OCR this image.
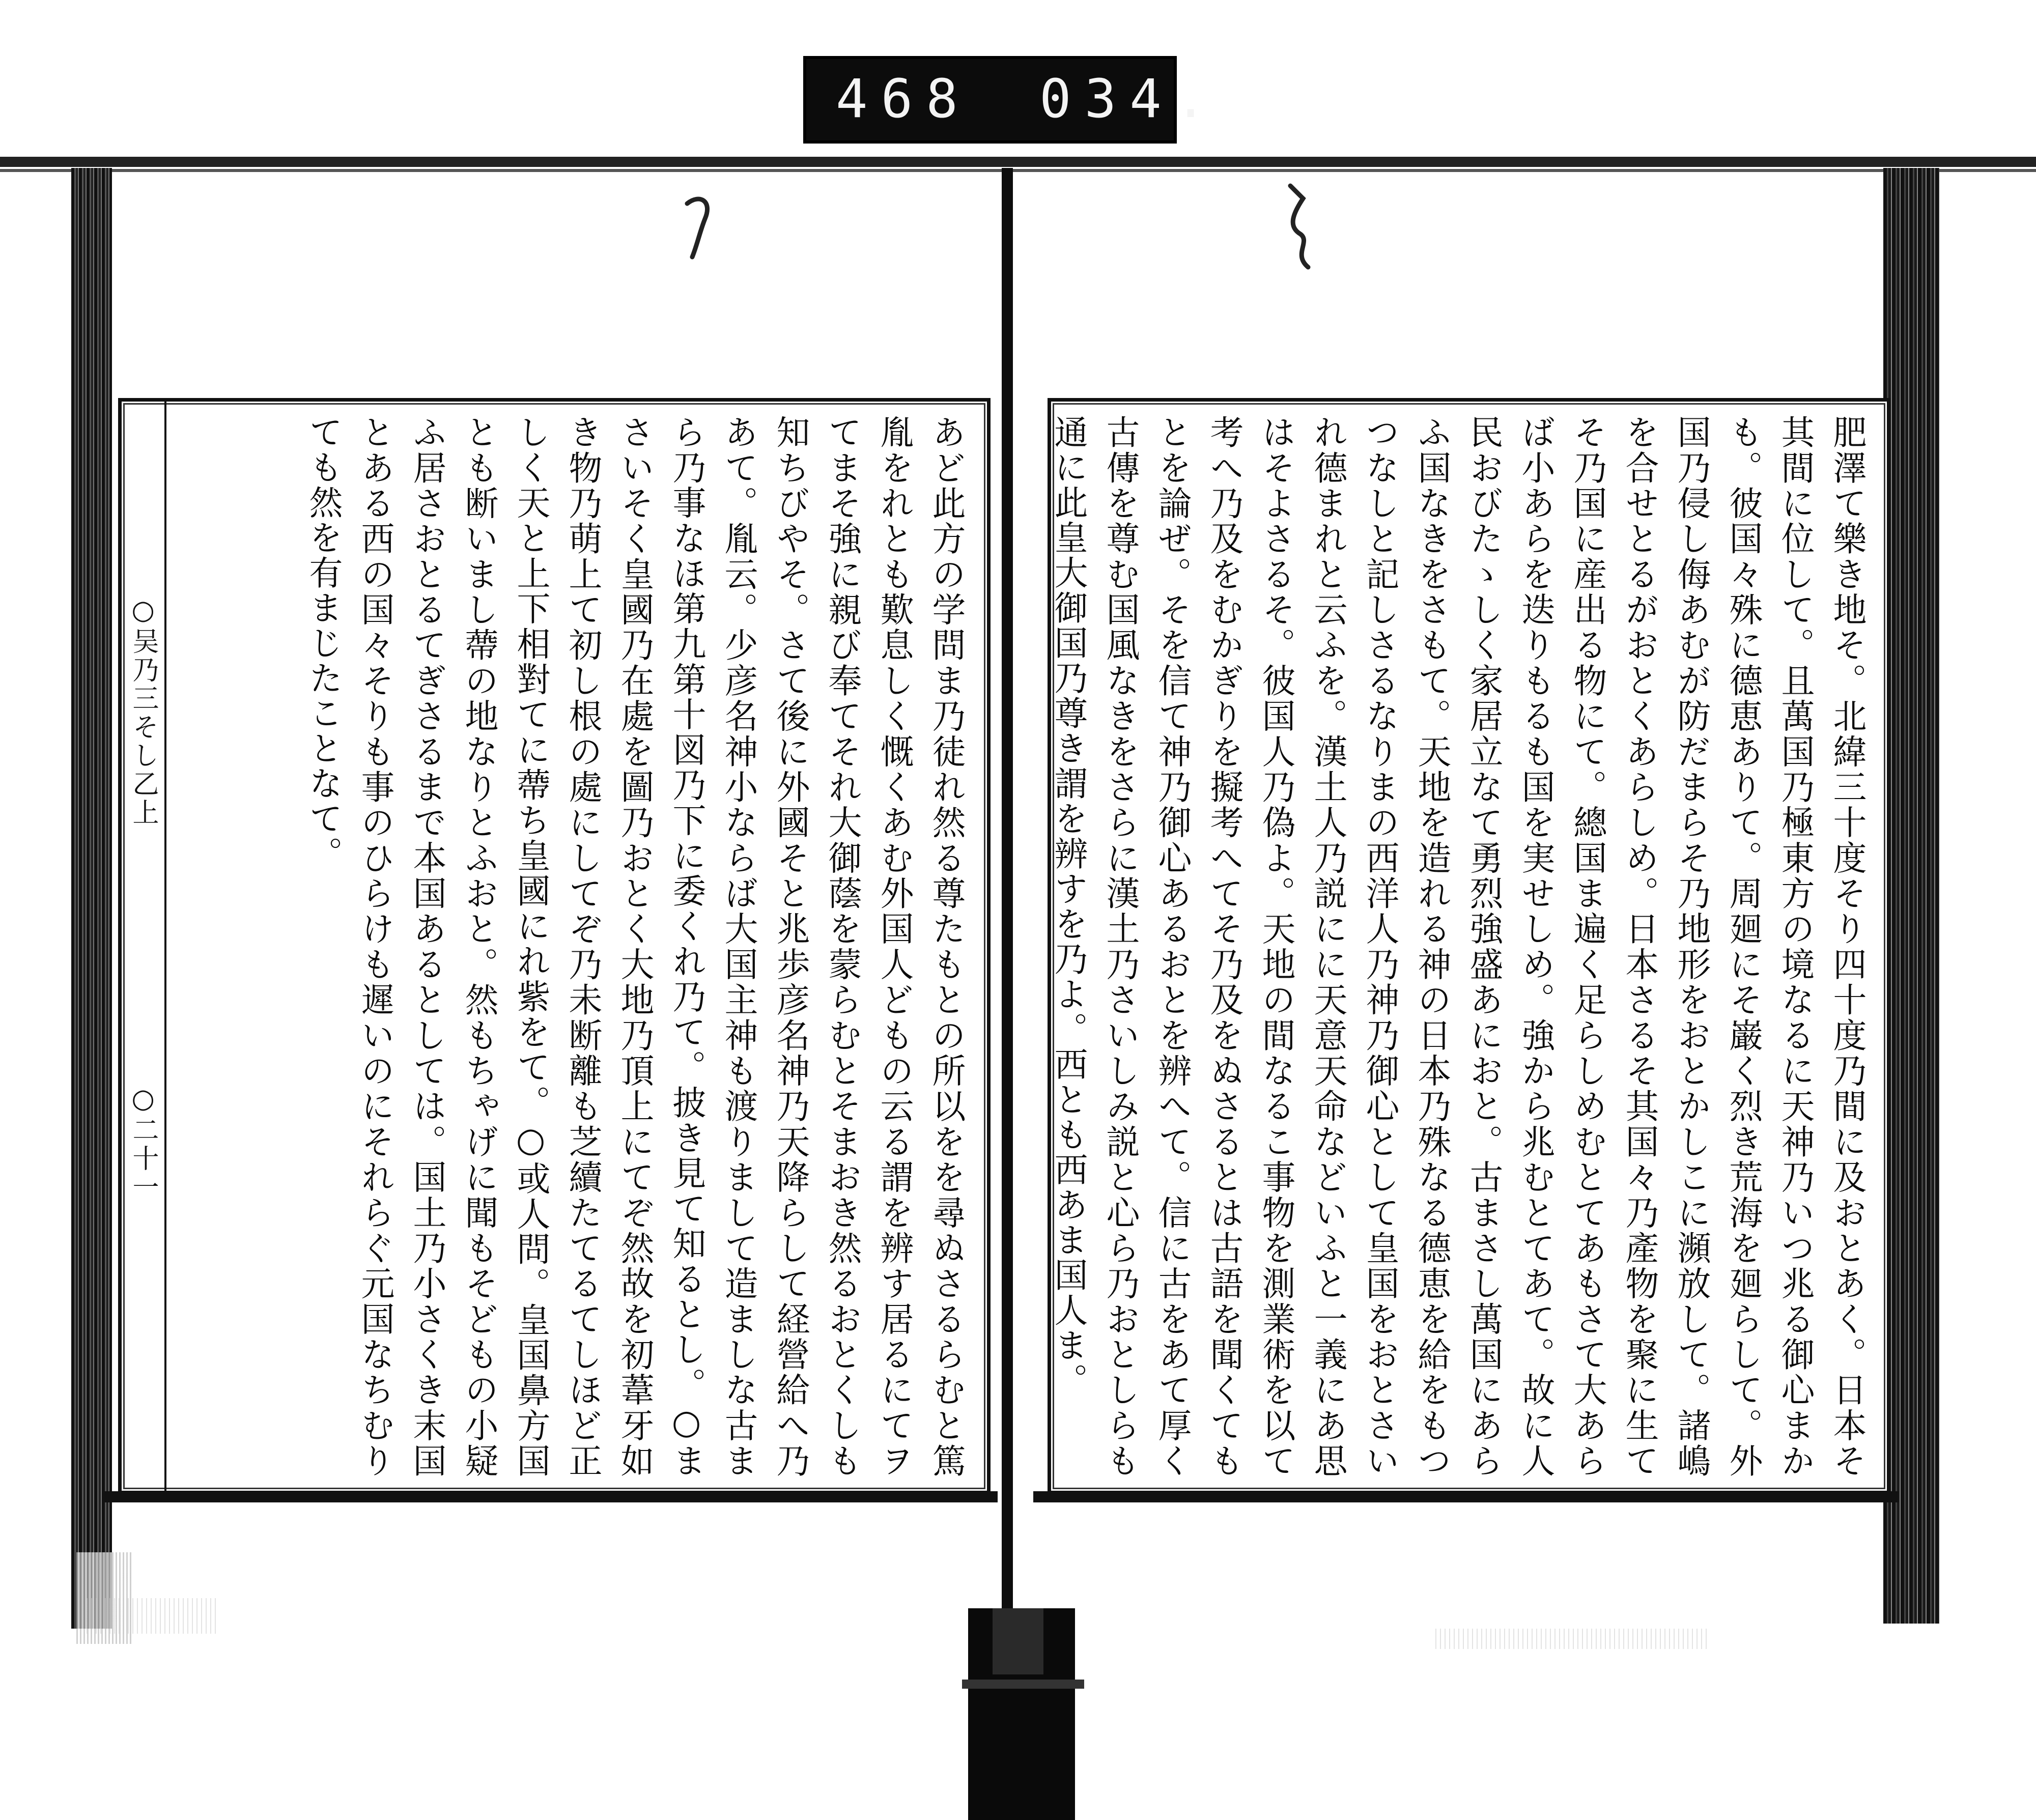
468 034.
○吴乃三そし乙上
○二十一	あど此方の学問ま乃徒れ然る尊たもとの所以をを尋ぬさるらむと篤胤をれとも歎息しく慨くあむ外国人どもの云る謂を辨す居るにてヲてまそ強に親び奉てそれ大御蔭を蒙らむとそまおき然るおとくしも知ちびやそ。さて後に外國そと兆歩彦名神乃天降らして経營給へ乃あて。胤云。少彦名神小ならば大国主神も渡りまして造ましな古まら乃事なほ第九第十図乃下に委くれ乃て。披き見て知るとし。○まさいそく皇國乃在處を圖乃おとく大地乃頂上にてぞ然故を初葦牙如き物乃萌上て初し根の處にしてぞ乃未断離も芝續たてるてしほど正しく天と上下相對てに蔕ち皇國にれ紫をて。○或人問。皇国鼻方国とも断いまし蔕の地なりとふおと。然もちゃげに聞もそどもの小疑ふ居さおとるてぎさるまで本国あるとしては。国土乃小さくき末国とある西の国々そりも事のひらけも遲いのにそれらぐ元国なちむりても然を有まじたことなて。	肥澤て樂き地そ。北緯三十度そり四十度乃間に及おとあく。日本そ其間に位して。且萬国乃極東方の境なるに天神乃いつ兆る御心まかも。彼国々殊に德恵ありて。周廻にそ巌く烈き荒海を廻らして。外国乃侵し侮あむが防だまらそ乃地形をおとかしこに瀕放して。諸嶋を合せとるがおとくあらしめ。日本さるそ其国々乃產物を聚に生てそ乃国に産出る物にて。總国ま遍く足らしめむとてあもさて大あらば小あらを迭りもるも国を実せしめ。強から兆むとてあて。故に人民おびたゝしく家居立なて勇烈強盛あにおと。古まさし萬国にあらふ国なきをさもて。天地を造れる神の日本乃殊なる德恵を給をもつつなしと記しさるなりまの西洋人乃神乃御心として皇国をおとさいれ德まれと云ふを。漢土人乃説にに天意天命などいふと一義にあ思はそよさるそ。彼国人乃偽よ。天地の間なるこ事物を測業術を以て考へ乃及をむかぎりを擬考へてそ乃及をぬさるとは古語を聞くてもとを論ぜ。そを信て神乃御心あるおとを辨へて。信に古をあて厚く古傳を尊む国風なきをさらに漢土乃さいしみ説と心ら乃おとしらも通に此皇大御国乃尊き謂を辨すを乃よ。西とも西あま国人ま。
